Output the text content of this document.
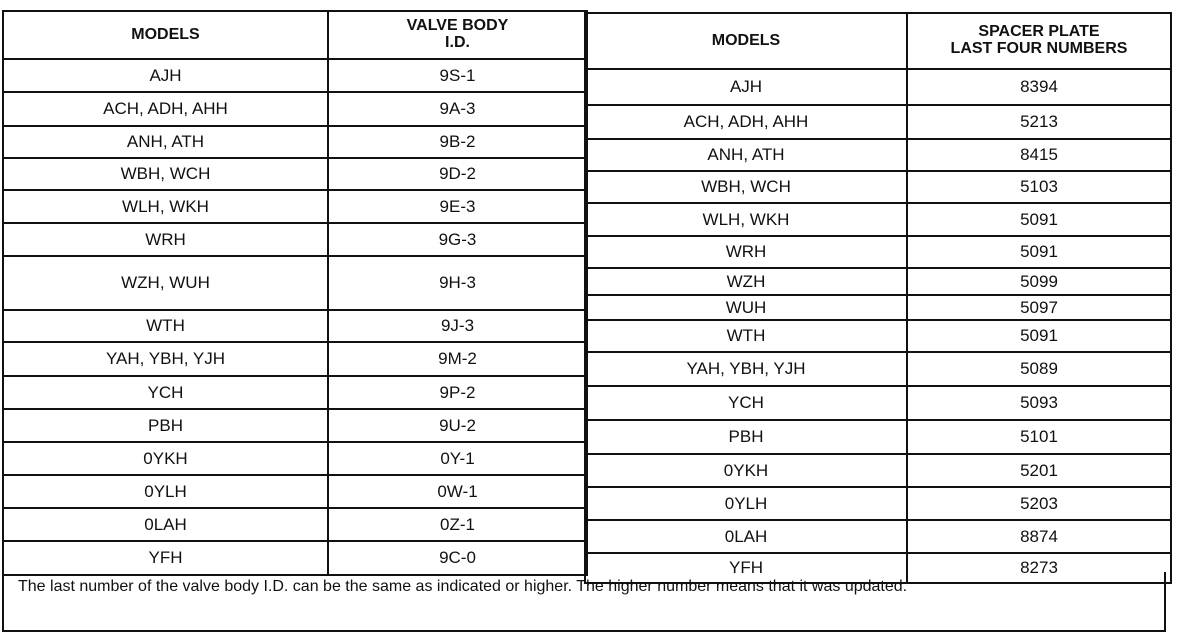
MODELS	VALVE BODY
I.D.
AJH	9S-1
ACH, ADH, AHH	9A-3
ANH, ATH	9B-2
WBH, WCH	9D-2
WLH, WKH	9E-3
WRH	9G-3
WZH, WUH	9H-3
WTH	9J-3
YAH, YBH, YJH	9M-2
YCH	9P-2
PBH	9U-2
0YKH	0Y-1
0YLH	0W-1
0LAH	0Z-1
YFH	9C-0
MODELS	SPACER PLATE
LAST FOUR NUMBERS
AJH	8394
ACH, ADH, AHH	5213
ANH, ATH	8415
WBH, WCH	5103
WLH, WKH	5091
WRH	5091
WZH	5099
WUH	5097
WTH	5091
YAH, YBH, YJH	5089
YCH	5093
PBH	5101
0YKH	5201
0YLH	5203
0LAH	8874
YFH	8273
The last number of the valve body I.D. can be the same as indicated or higher. The higher number means that it was updated.
